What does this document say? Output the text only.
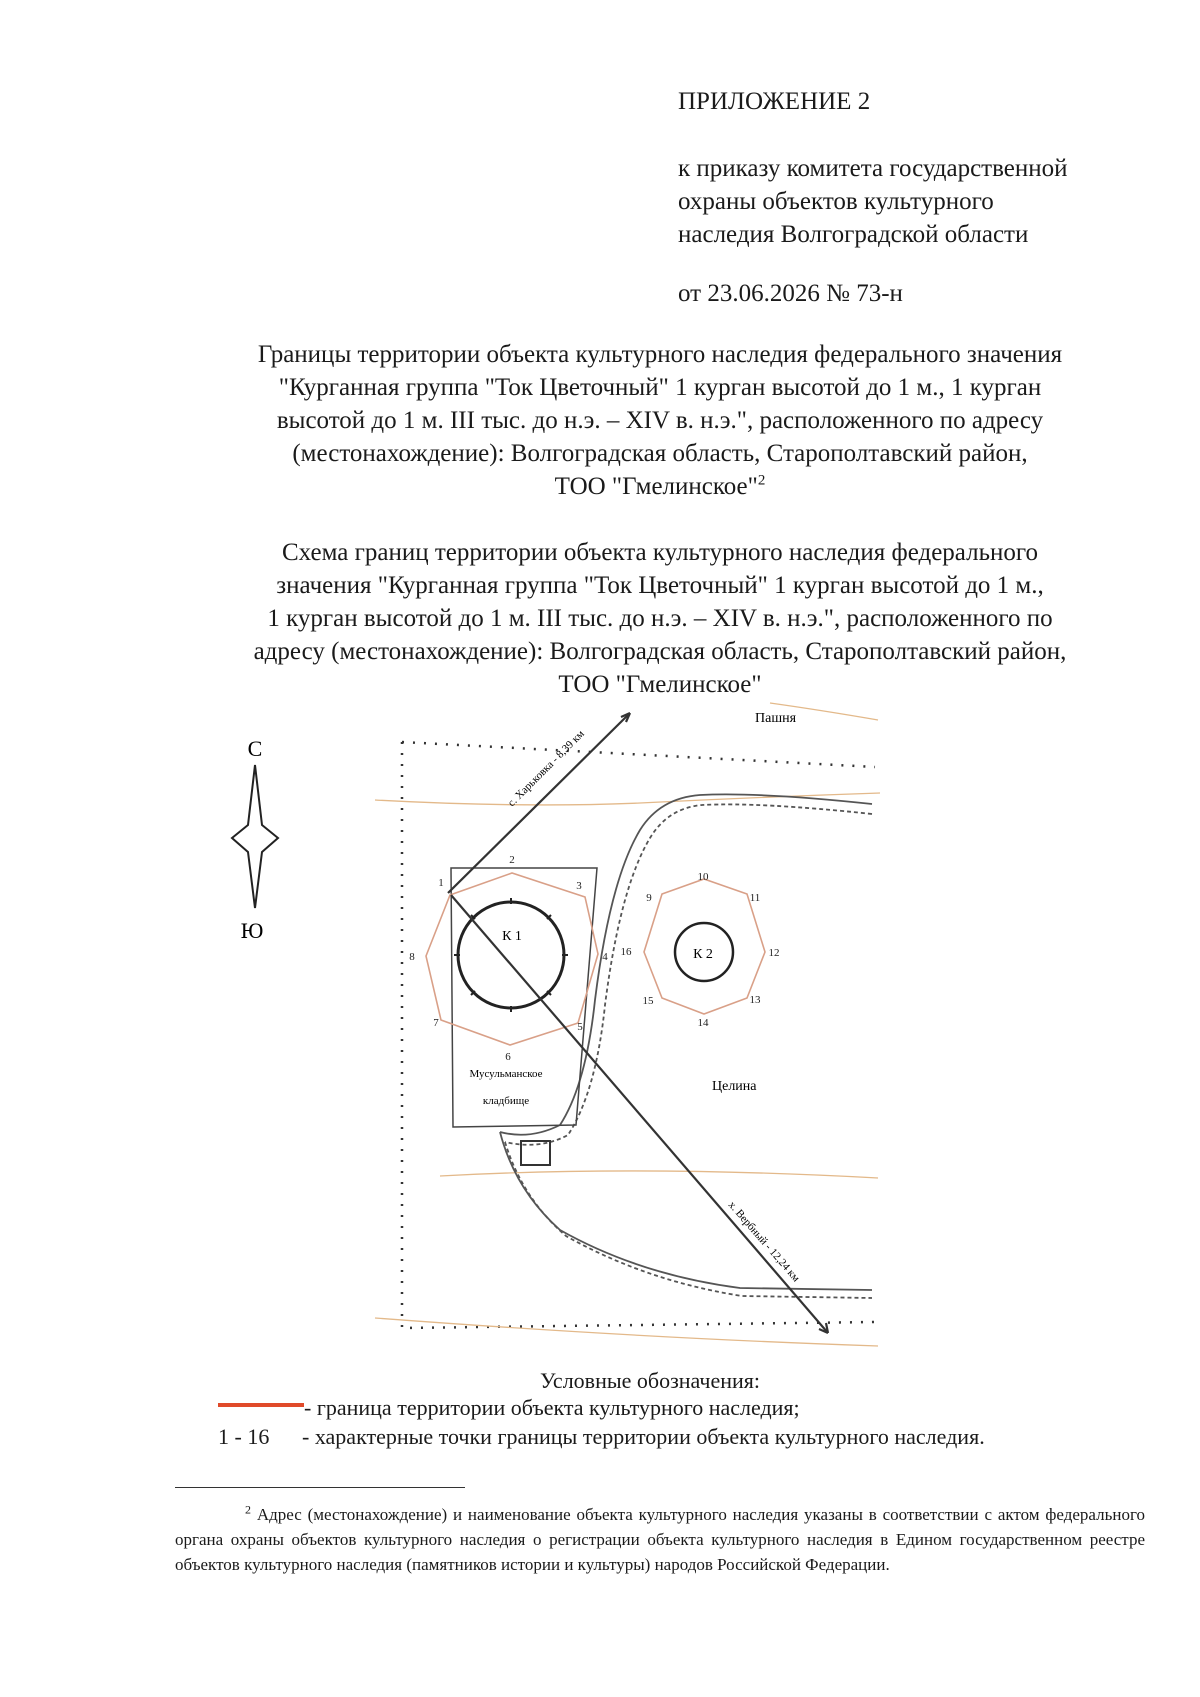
ПРИЛОЖЕНИЕ 2
к приказу комитета государственной
охраны объектов культурного
наследия Волгоградской области
от 23.06.2026 № 73-н
Границы территории объекта культурного наследия федерального значения
"Курганная группа "Ток Цветочный" 1 курган высотой до 1 м., 1 курган
высотой до 1 м. III тыс. до н.э. – XIV в. н.э.", расположенного по адресу
(местонахождение): Волгоградская область, Старополтавский район,
ТОО "Гмелинское"$^2$
Схема границ территории объекта культурного наследия федерального
значения "Курганная группа "Ток Цветочный" 1 курган высотой до 1 м.,
1 курган высотой до 1 м. III тыс. до н.э. – XIV в. н.э.", расположенного по
адресу (местонахождение): Волгоградская область, Старополтавский район,
ТОО "Гмелинское"
С
Ю	К 1
К 2
с. Харьковка - 8,39 км
х. Вербный - 12,24 км
Пашня
Целина
Мусульманское
кладбище
1
2
3
4
5
6
7
8
9
10
11
12
13
14
15
16
Условные обозначения:
- граница территории объекта культурного наследия;
1 - 16 - характерные точки границы территории объекта культурного наследия.
$^2$ Адрес (местонахождение) и наименование объекта культурного наследия указаны в соответствии с актом федерального органа охраны объектов культурного наследия о регистрации объекта культурного наследия в Едином государственном реестре объектов культурного наследия (памятников истории и культуры) народов Российской Федерации.
